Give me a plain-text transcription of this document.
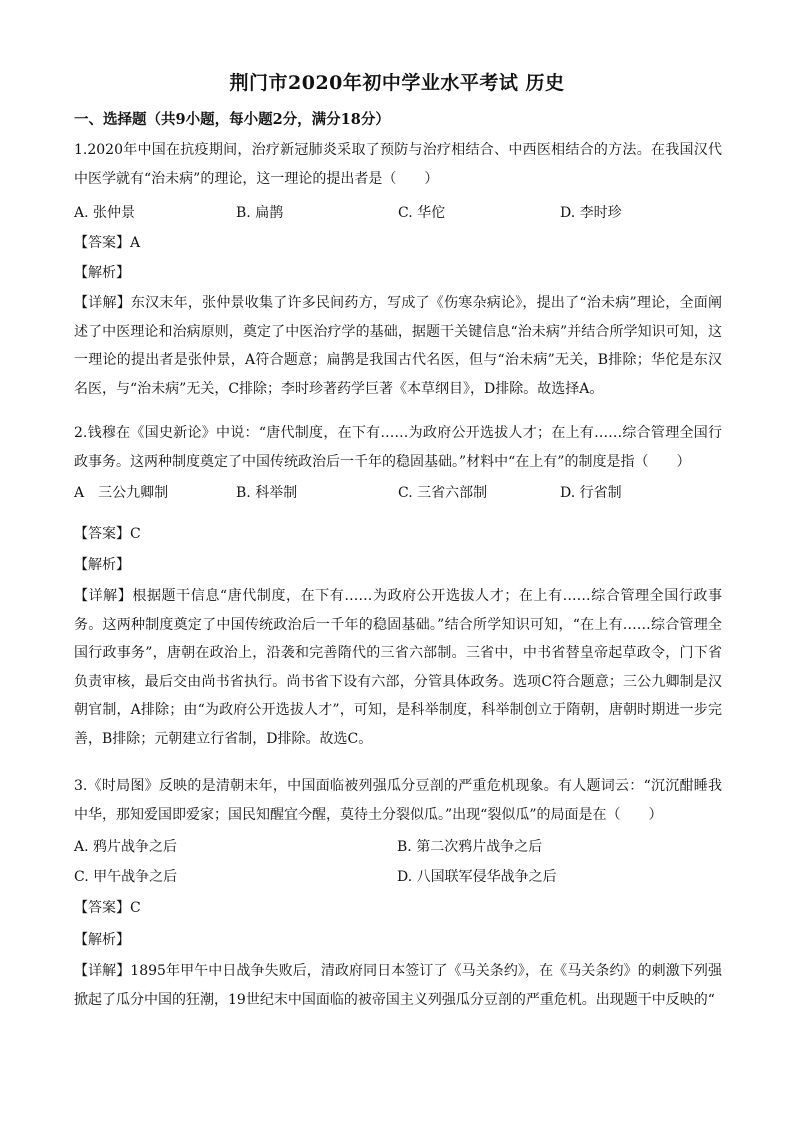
荆门市2020年初中学业水平考试 历史
一、选择题（共9小题，每小题2分，满分18分）
1.2020年中国在抗疫期间，治疗新冠肺炎采取了预防与治疗相结合、中西医相结合的方法。在我国汉代中医学就有“治未病”的理论，这一理论的提出者是（　　）
A. 张仲景	B. 扁鹊	C. 华佗	D. 李时珍
【答案】A
【解析】
【详解】东汉末年，张仲景收集了许多民间药方，写成了《伤寒杂病论》，提出了“治未病”理论，全面阐述了中医理论和治病原则，奠定了中医治疗学的基础，据题干关键信息“治未病”并结合所学知识可知，这一理论的提出者是张仲景，A符合题意；扁鹊是我国古代名医，但与“治未病”无关，B排除；华佗是东汉名医，与“治未病”无关，C排除；李时珍著药学巨著《本草纲目》，D排除。故选择A。
2.钱穆在《国史新论》中说：“唐代制度，在下有……为政府公开选拔人才；在上有……综合管理全国行政事务。这两种制度奠定了中国传统政治后一千年的稳固基础。”材料中“在上有”的制度是指（　　）
A　三公九卿制	B. 科举制	C. 三省六部制	D. 行省制
【答案】C
【解析】
【详解】根据题干信息“唐代制度，在下有……为政府公开选拔人才；在上有……综合管理全国行政事务。这两种制度奠定了中国传统政治后一千年的稳固基础。”结合所学知识可知，“在上有……综合管理全国行政事务”，唐朝在政治上，沿袭和完善隋代的三省六部制。三省中，中书省替皇帝起草政令，门下省负责审核，最后交由尚书省执行。尚书省下设有六部，分管具体政务。选项C符合题意；三公九卿制是汉朝官制，A排除；由“为政府公开选拔人才”，可知，是科举制度，科举制创立于隋朝，唐朝时期进一步完善，B排除；元朝建立行省制，D排除。故选C。
3.《时局图》反映的是清朝末年，中国面临被列强瓜分豆剖的严重危机现象。有人题词云：“沉沉酣睡我中华，那知爱国即爱家；国民知醒宜今醒，莫待土分裂似瓜。”出现“裂似瓜”的局面是在（　　）
A. 鸦片战争之后	B. 第二次鸦片战争之后
C. 甲午战争之后	D. 八国联军侵华战争之后
【答案】C
【解析】
【详解】1895年甲午中日战争失败后，清政府同日本签订了《马关条约》，在《马关条约》的刺激下列强掀起了瓜分中国的狂潮，19世纪末中国面临的被帝国主义列强瓜分豆剖的严重危机。出现题干中反映的“
